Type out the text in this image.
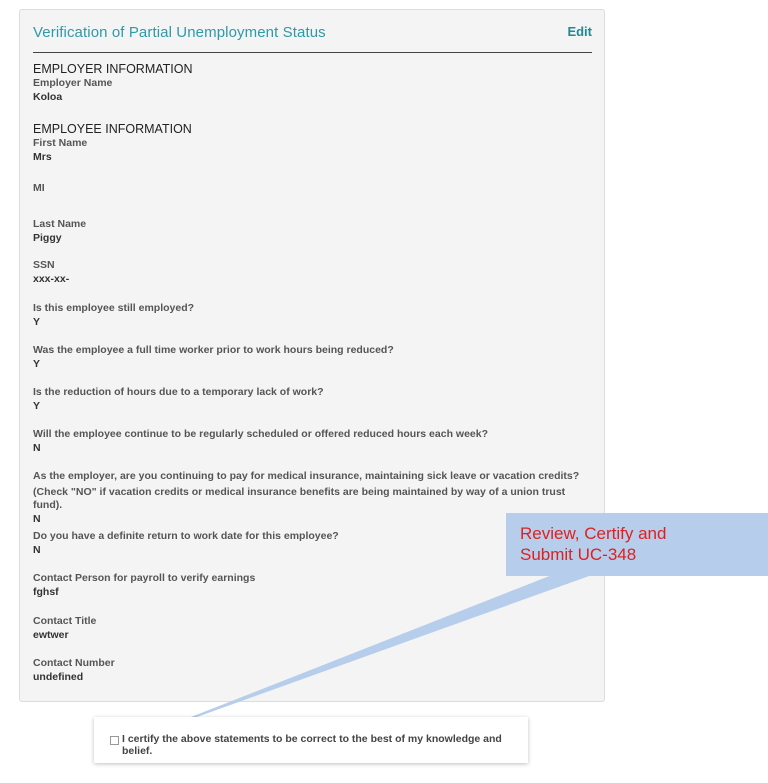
Verification of Partial Unemployment Status	Edit
EMPLOYER INFORMATION
Employer Name
Koloa
EMPLOYEE INFORMATION
First Name
Mrs
MI
Last Name
Piggy
SSN
xxx-xx-
Is this employee still employed?
Y
Was the employee a full time worker prior to work hours being reduced?
Y
Is the reduction of hours due to a temporary lack of work?
Y
Will the employee continue to be regularly scheduled or offered reduced hours each week?
N
As the employer, are you continuing to pay for medical insurance, maintaining sick leave or vacation credits?
(Check "NO" if vacation credits or medical insurance benefits are being maintained by way of a union trust fund).
N
Do you have a definite return to work date for this employee?
N
Contact Person for payroll to verify earnings
fghsf
Contact Title
ewtwer
Contact Number
undefined
Review, Certify and
Submit UC-348
I certify the above statements to be correct to the best of my knowledge and belief.
